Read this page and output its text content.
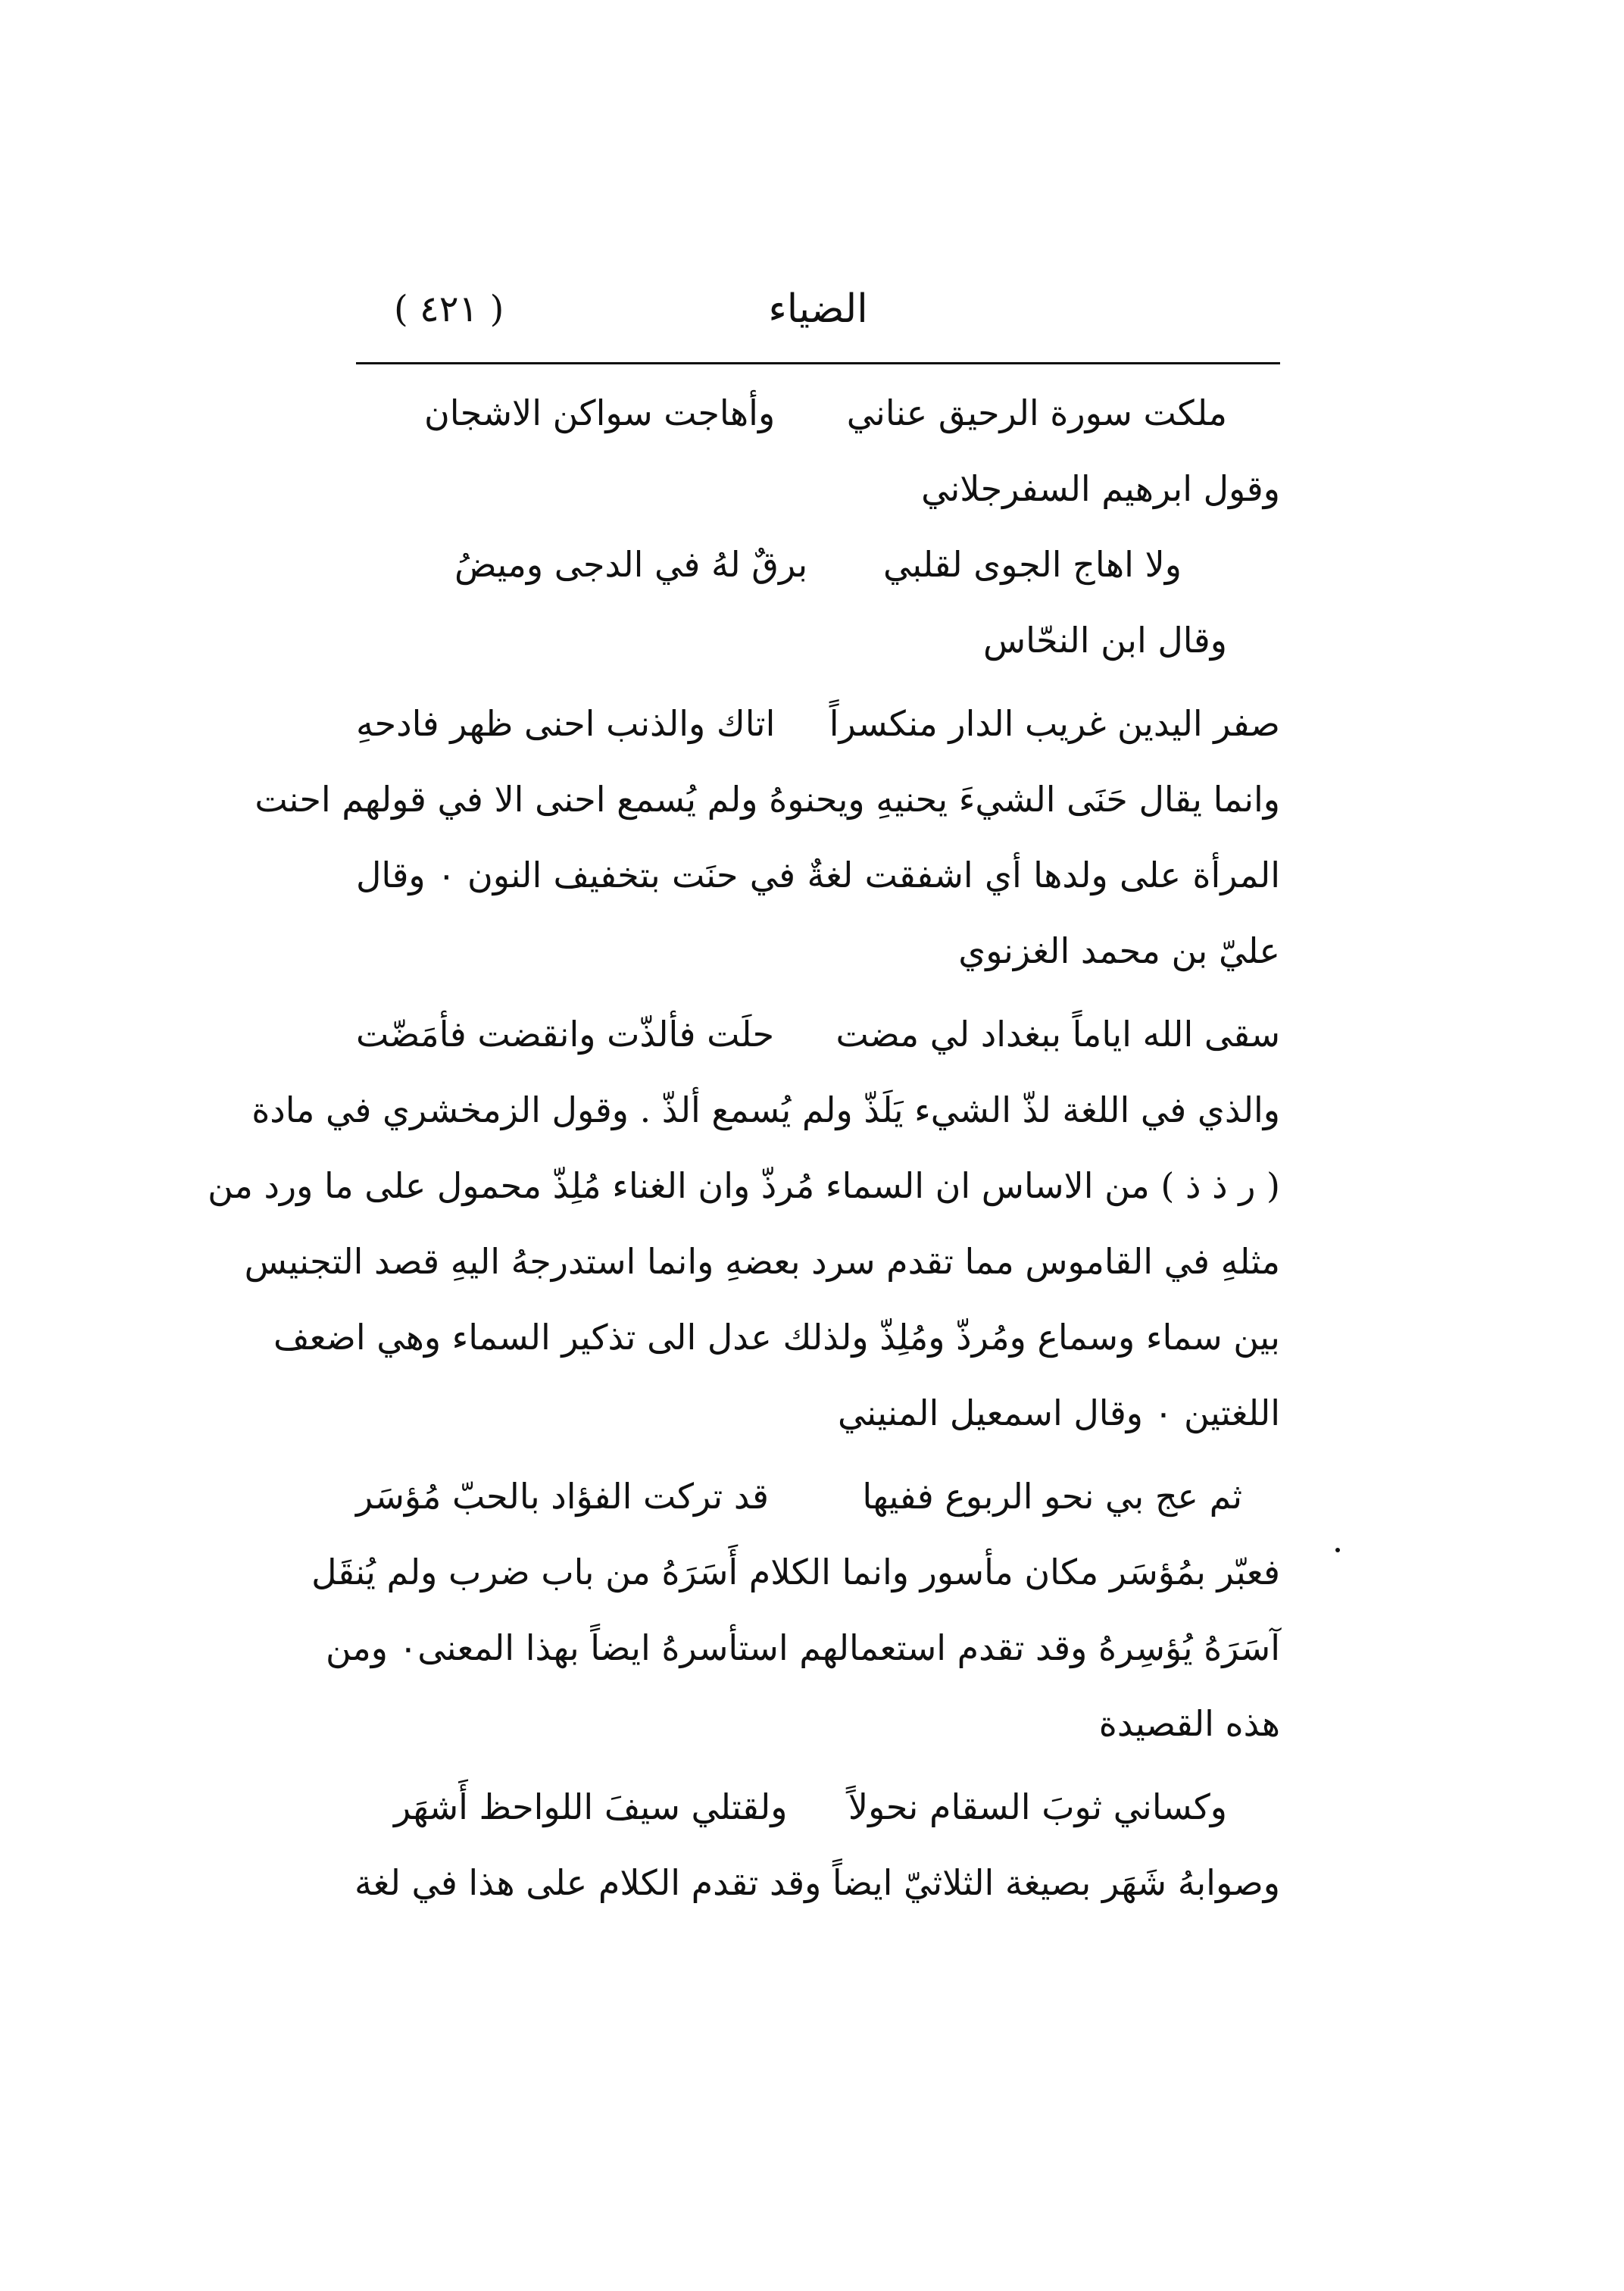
الضياء
( ٤٢١ )
ملكت سورة الرحيق عناني
وأهاجت سواكن الاشجان
وقول ابرهيم السفرجلاني
ولا اهاج الجوى لقلبي
برقٌ لهُ في الدجى وميضُ
وقال ابن النحّاس
صفر اليدين غريب الدار منكسراً
اتاك والذنب احنى ظهر فادحهِ
وانما يقال حَنَى الشيءَ يحنيهِ ويحنوهُ ولم يُسمع احنى الا في قولهم احنت
المرأة على ولدها أي اشفقت لغةٌ في حنَت بتخفيف النون ٠ وقال
عليّ بن محمد الغزنوي
سقى الله اياماً ببغداد لي مضت
حلَت فألذّت وانقضت فأمَضّت
والذي في اللغة لذّ الشيء يَلَذّ ولم يُسمع ألذّ . وقول الزمخشري في مادة
( ر ذ ذ ) من الاساس ان السماء مُرذّ وان الغناء مُلِذّ محمول على ما ورد من
مثلهِ في القاموس مما تقدم سرد بعضهِ وانما استدرجهُ اليهِ قصد التجنيس
بين سماء وسماع ومُرذّ ومُلِذّ ولذلك عدل الى تذكير السماء وهي اضعف
اللغتين ٠ وقال اسمعيل المنيني
ثم عج بي نحو الربوع ففيها
قد تركت الفؤاد بالحبّ مُؤسَر
فعبّر بمُؤسَر مكان مأسور وانما الكلام أَسَرَهُ من باب ضرب ولم يُنقَل
آسَرَهُ يُؤسِرهُ وقد تقدم استعمالهم استأسرهُ ايضاً بهذا المعنى٠ ومن
هذه القصيدة
وكساني ثوبَ السقام نحولاً
ولقتلي سيفَ اللواحظ أَشهَر
وصوابهُ شَهَر بصيغة الثلاثيّ ايضاً وقد تقدم الكلام على هذا في لغة
